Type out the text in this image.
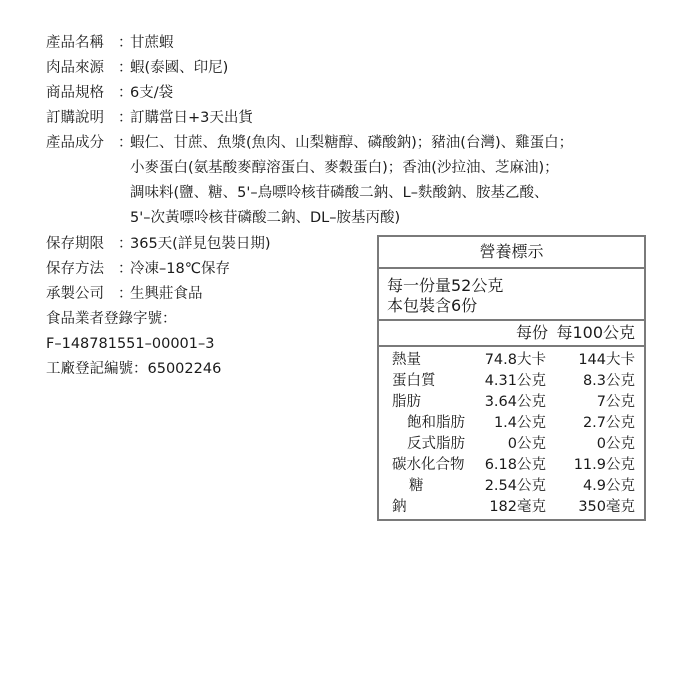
產品名稱 ：甘蔗蝦
肉品來源 ：蝦(泰國、印尼)
商品規格 ：6支/袋
訂購說明 ：訂購當日+3天出貨
產品成分 ：蝦仁、甘蔗、魚漿(魚肉、山梨糖醇、磷酸鈉)；豬油(台灣)、雞蛋白；
小麥蛋白(氨基酸麥醇溶蛋白、麥穀蛋白)；香油(沙拉油、芝麻油)；
調味料(鹽、糖、5'–鳥嘌呤核苷磷酸二鈉、L–麩酸鈉、胺基乙酸、
5'–次黃嘌呤核苷磷酸二鈉、DL–胺基丙酸)
保存期限 ：365天(詳見包裝日期)
保存方法 ：冷凍–18℃保存
承製公司 ：生興莊食品
食品業者登錄字號：
F–148781551–00001–3
工廠登記編號：65002246
營養標示
每一份量52公克
本包裝含6份
每份 每100公克
熱量	74.8大卡 144大卡
蛋白質	4.31公克	8.3公克
脂肪	3.64公克	7公克
飽和脂肪 1.4公克	2.7公克
反式脂肪	0公克	0公克
碳水化合物 6.18公克 11.9公克
糖	2.54公克	4.9公克
鈉	182毫克 350毫克
